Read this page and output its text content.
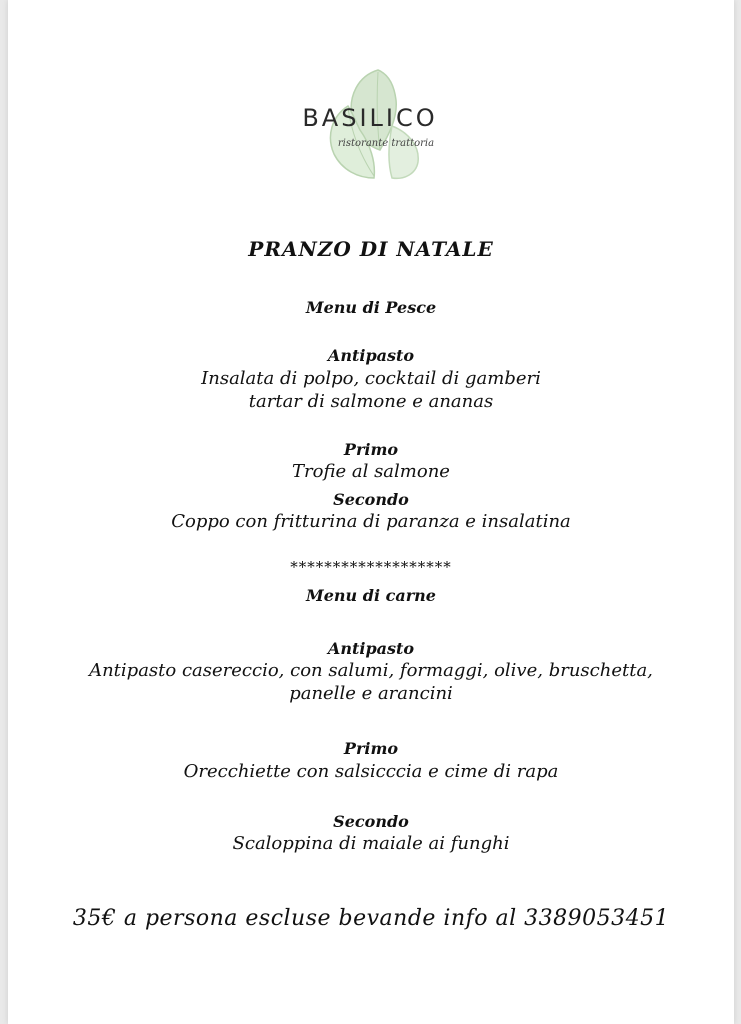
BASILICO
ristorante trattoria
PRANZO DI NATALE
Menu di Pesce
Antipasto
Insalata di polpo, cocktail di gamberi
tartar di salmone e ananas
Primo
Trofie al salmone
Secondo
Coppo con fritturina di paranza e insalatina
*******************
Menu di carne
Antipasto
Antipasto casereccio, con salumi, formaggi, olive, bruschetta,
panelle e arancini
Primo
Orecchiette con salsicccia e cime di rapa
Secondo
Scaloppina di maiale ai funghi
35€ a persona escluse bevande info al 3389053451
